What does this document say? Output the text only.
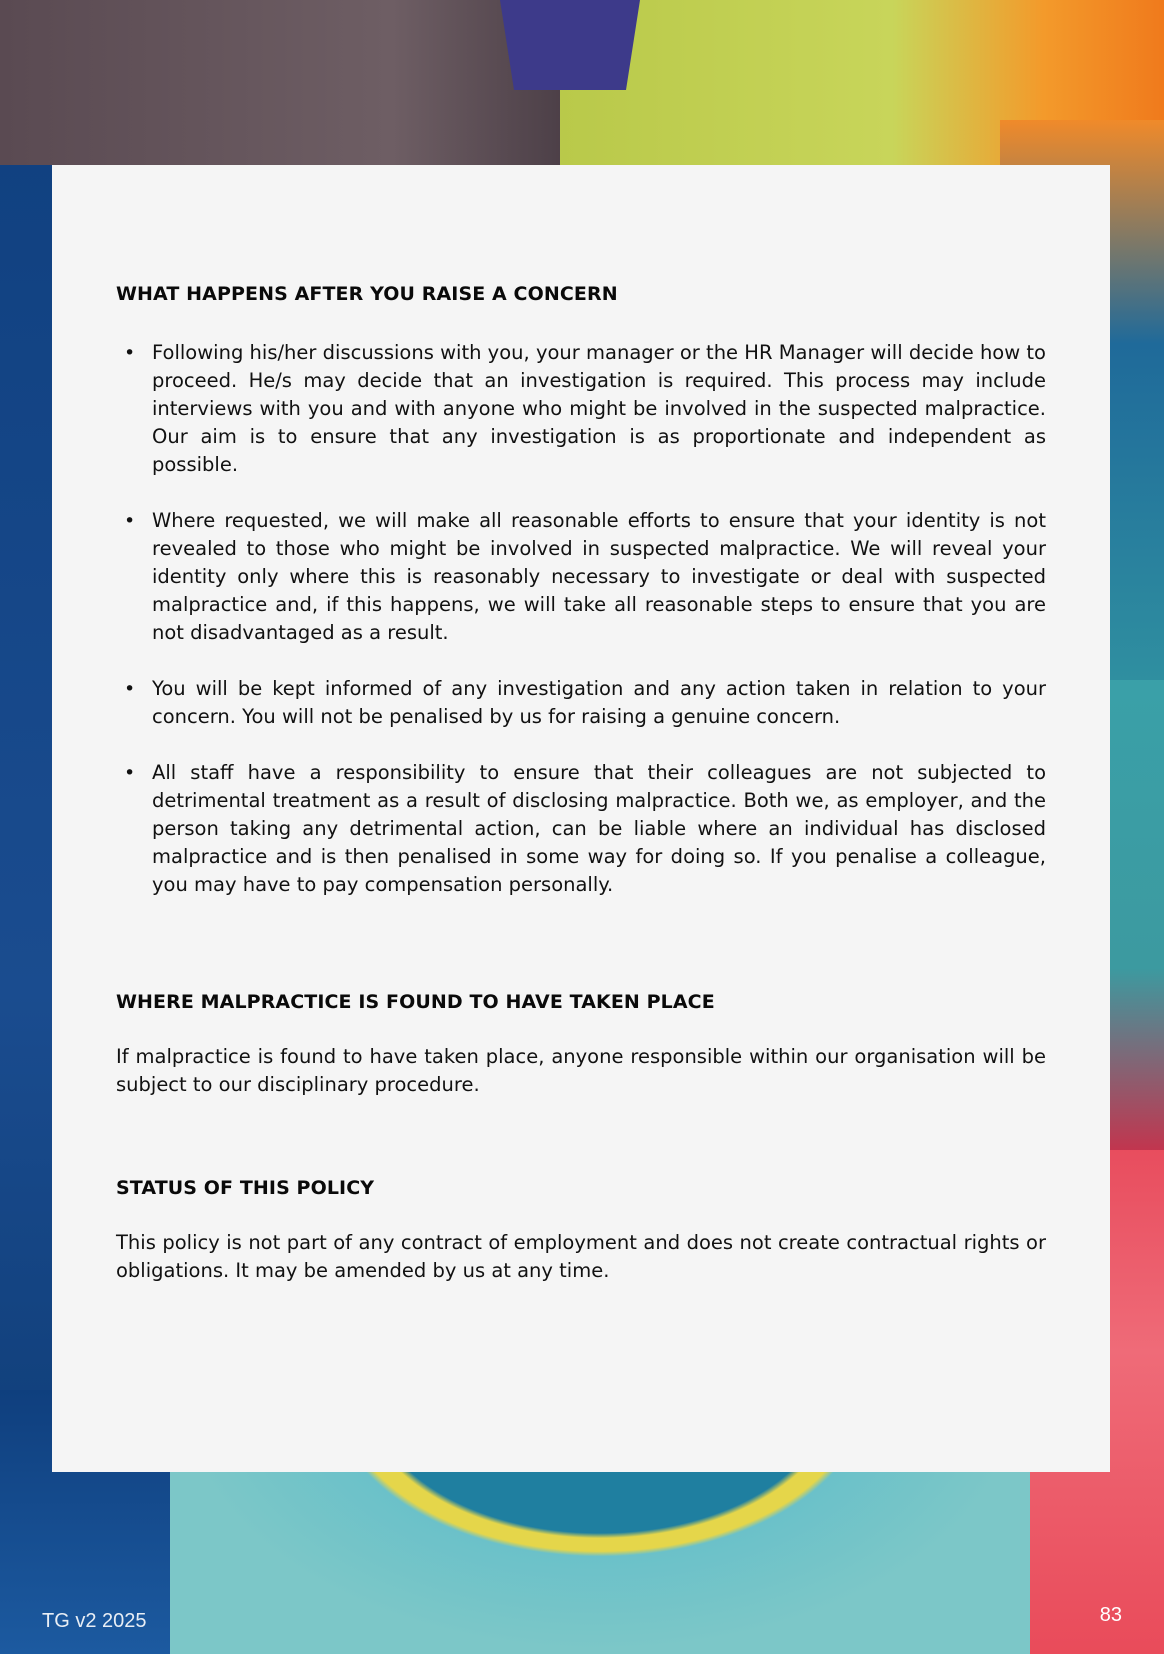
WHAT HAPPENS AFTER YOU RAISE A CONCERN
• Following his/her discussions with you, your manager or the HR Manager will decide how to proceed. He/s may decide that an investigation is required. This process may include interviews with you and with anyone who might be involved in the suspected malpractice. Our aim is to ensure that any investigation is as proportionate and independent as possible.
• Where requested, we will make all reasonable efforts to ensure that your identity is not revealed to those who might be involved in suspected malpractice. We will reveal your identity only where this is reasonably necessary to investigate or deal with suspected malpractice and, if this happens, we will take all reasonable steps to ensure that you are not disadvantaged as a result.
• You will be kept informed of any investigation and any action taken in relation to your concern. You will not be penalised by us for raising a genuine concern.
• All staff have a responsibility to ensure that their colleagues are not subjected to detrimental treatment as a result of disclosing malpractice. Both we, as employer, and the person taking any detrimental action, can be liable where an individual has disclosed malpractice and is then penalised in some way for doing so. If you penalise a colleague, you may have to pay compensation personally.
WHERE MALPRACTICE IS FOUND TO HAVE TAKEN PLACE

If malpractice is found to have taken place, anyone responsible within our organisation will be subject to our disciplinary procedure.

STATUS OF THIS POLICY

This policy is not part of any contract of employment and does not create contractual rights or obligations. It may be amended by us at any time.

TG v2 2025	83
